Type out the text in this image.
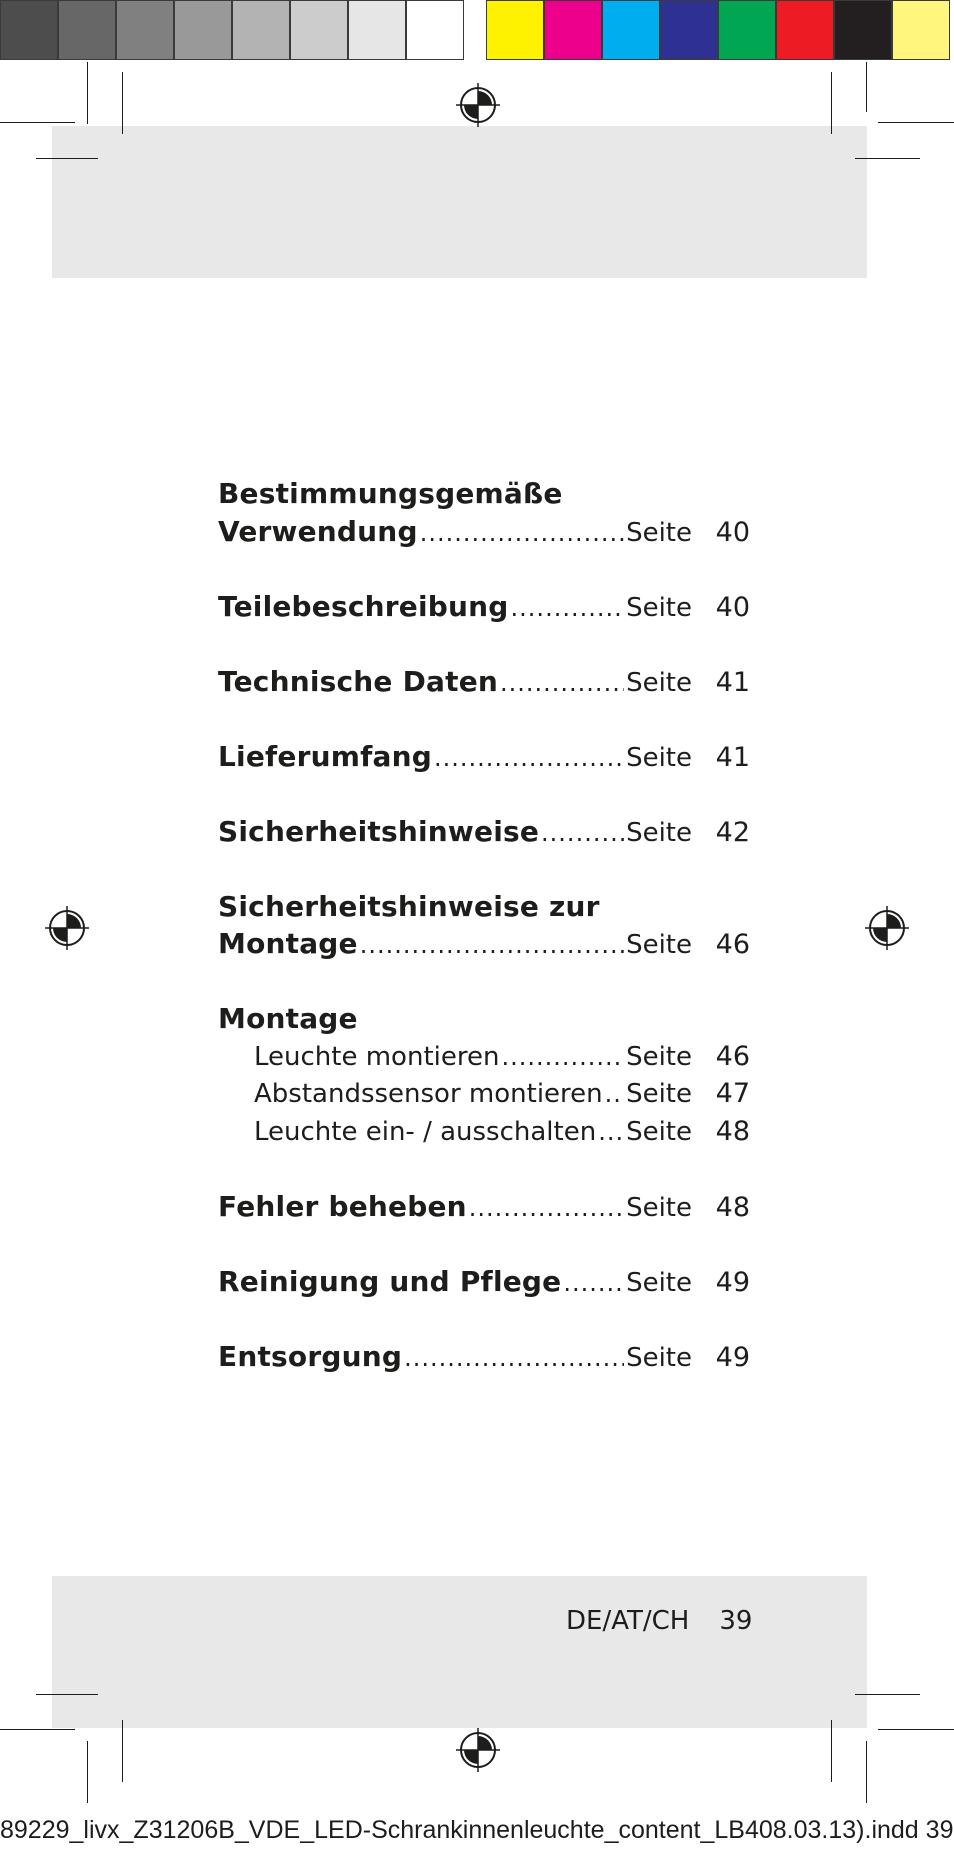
Bestimmungsgemäße
Verwendung .....	Seite 40
Teilebeschreibung .....	Seite 40
Technische Daten .....	Seite 41
Lieferumfang .....	Seite 41
Sicherheitshinweise .....	Seite 42
Sicherheitshinweise zur
Montage .....	Seite 46
Montage
Leuchte montieren .....	Seite 46
Abstandssensor montieren ..... Seite 47
Leuchte ein- / ausschalten ..... Seite 48
Fehler beheben .....	Seite 48
Reinigung und Pflege ..... Seite 49
Entsorgung .....	Seite 49
DE/AT/CH 39
89229_livx_Z31206B_VDE_LED-Schrankinnenleuchte_content_LB408.03.13).indd 39
